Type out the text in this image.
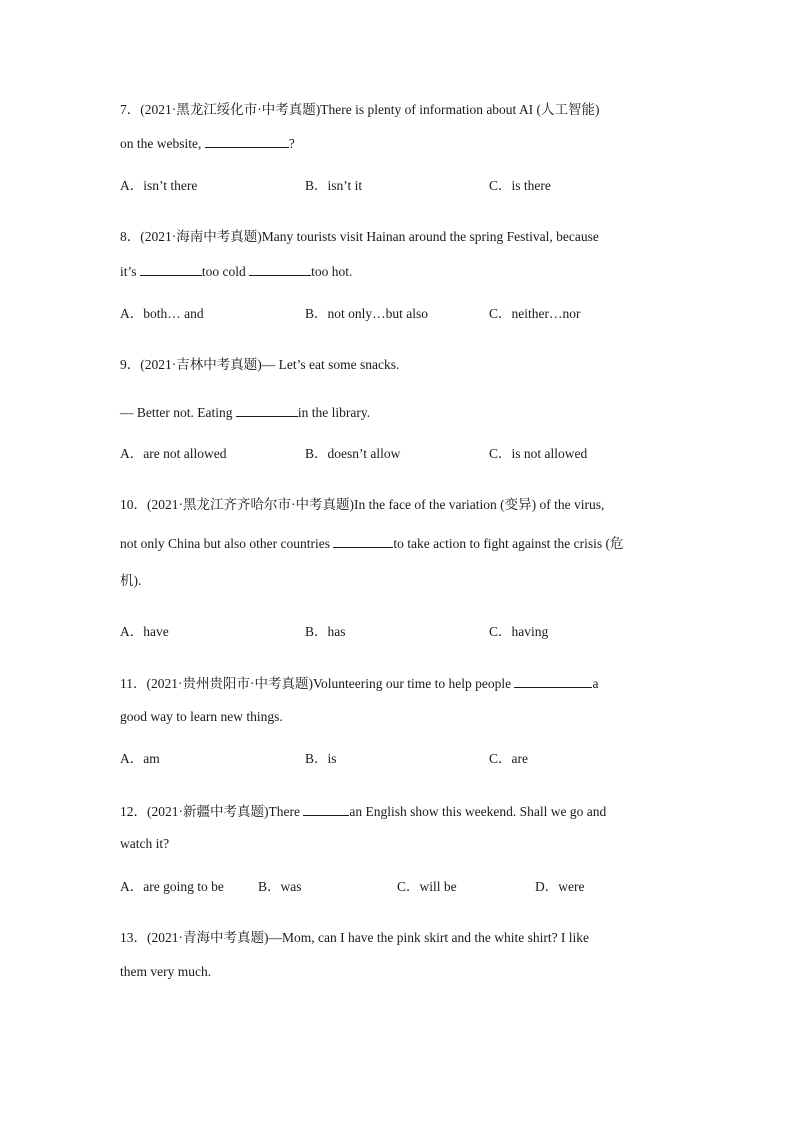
7．(2021·黑龙江绥化市·中考真题)There is plenty of information about AI (人工智能)
on the website,	?
A．isn’t there	B．isn’t it	C．is there
8．(2021·海南中考真题)Many tourists visit Hainan around the spring Festival, because
it’s	too cold	too hot.
A．both… and	B．not only…but also	C．neither…nor
9．(2021·吉林中考真题)— Let’s eat some snacks.
— Better not. Eating	in the library.
A．are not allowed	B．doesn’t allow	C．is not allowed
10．(2021·黑龙江齐齐哈尔市·中考真题)In the face of the variation (变异) of the virus,
not only China but also other countries	to take action to fight against the crisis (危
机).
A．have	B．has	C．having
11．(2021·贵州贵阳市·中考真题)Volunteering our time to help people	a
good way to learn new things.
A．am	B．is	C．are
12．(2021·新疆中考真题)There	an English show this weekend. Shall we go and
watch it?
A．are going to be	B．was	C．will be	D．were
13．(2021·青海中考真题)—Mom, can I have the pink skirt and the white shirt? I like
them very much.
